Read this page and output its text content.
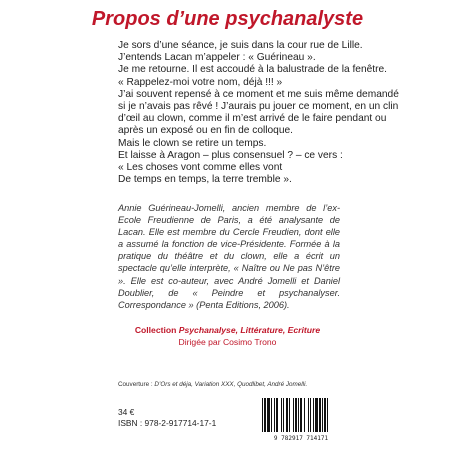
Propos d’une psychanalyste
Je sors d’une séance, je suis dans la cour rue de Lille.
J’entends Lacan m’appeler : « Guérineau ».
Je me retourne. Il est accoudé à la balustrade de la fenêtre.
« Rappelez-moi votre nom, déjà !!! »
J’ai souvent repensé à ce moment et me suis même demandé
si je n’avais pas rêvé ! J’aurais pu jouer ce moment, en un clin
d’œil au clown, comme il m’est arrivé de le faire pendant ou
après un exposé ou en fin de colloque.
Mais le clown se retire un temps.
Et laisse à Aragon – plus consensuel ? – ce vers :
« Les choses vont comme elles vont
De temps en temps, la terre tremble ».
Annie Guérineau-Jomelli, ancien membre de l’ex-Ecole Freudienne de Paris, a été analysante de Lacan. Elle est membre du Cercle Freudien, dont elle a assumé la fonction de vice-Présidente. Formée à la pratique du théâtre et du clown, elle a écrit un spectacle qu’elle interprète, « Naître ou Ne pas N’être ». Elle est co-auteur, avec André Jomelli et Daniel Doublier, de « Peindre et psychanalyser. Correspondance » (Penta Editions, 2006).
Collection Psychanalyse, Littérature, Ecriture
Dirigée par Cosimo Trono
Couverture : D’Ors et déja, Variation XXX, Quodlibet, André Jomelli.
34 €
ISBN : 978-2-917714-17-1
9 782917 714171
